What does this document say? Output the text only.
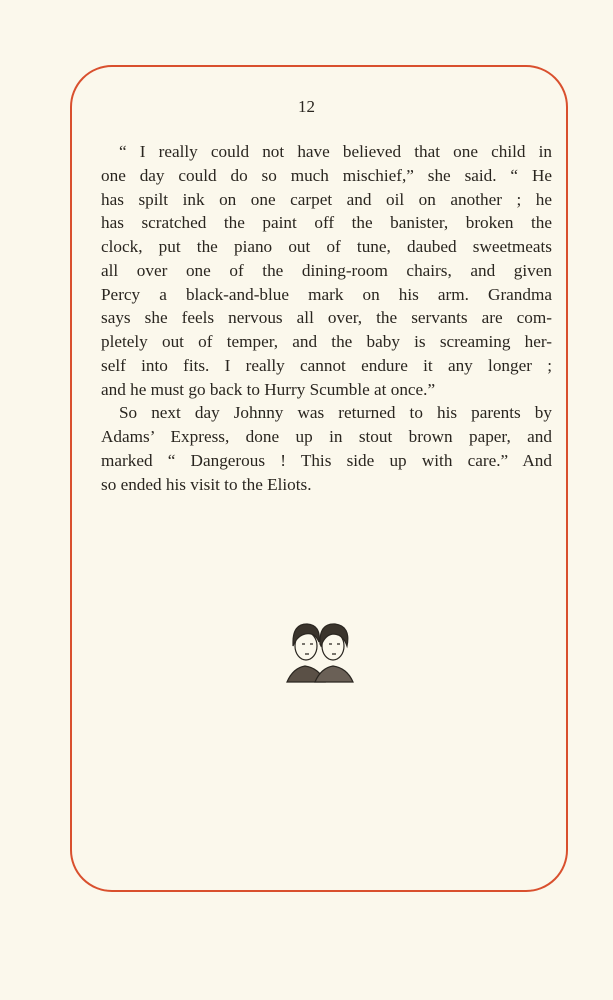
12
“ I really could not have believed that one child in
one day could do so much mischief,” she said. “ He
has spilt ink on one carpet and oil on another ; he
has scratched the paint off the banister, broken the
clock, put the piano out of tune, daubed sweetmeats
all over one of the dining-room chairs, and given
Percy a black-and-blue mark on his arm. Grandma
says she feels nervous all over, the servants are com-
pletely out of temper, and the baby is screaming her-
self into fits. I really cannot endure it any longer ;
and he must go back to Hurry Scumble at once.”
So next day Johnny was returned to his parents by
Adams’ Express, done up in stout brown paper, and
marked “ Dangerous ! This side up with care.” And
so ended his visit to the Eliots.
